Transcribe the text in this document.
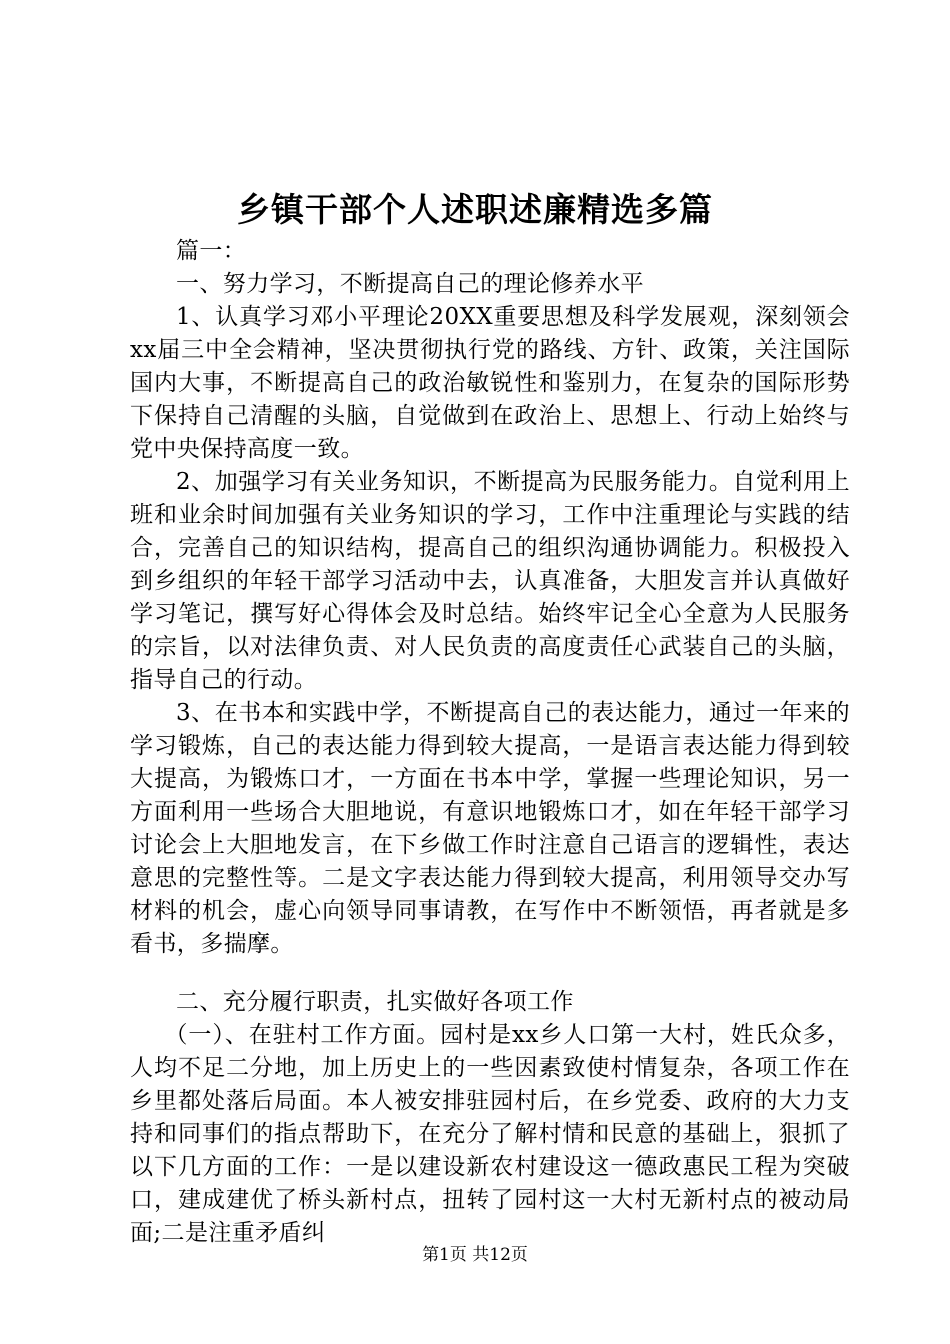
乡镇干部个人述职述廉精选多篇

篇一：

一、努力学习，不断提高自己的理论修养水平

1、认真学习邓小平理论20XX重要思想及科学发展观，深刻领会xx届三中全会精神，坚决贯彻执行党的路线、方针、政策，关注国际国内大事，不断提高自己的政治敏锐性和鉴别力，在复杂的国际形势下保持自己清醒的头脑，自觉做到在政治上、思想上、行动上始终与党中央保持高度一致。

2、加强学习有关业务知识，不断提高为民服务能力。自觉利用上班和业余时间加强有关业务知识的学习，工作中注重理论与实践的结合，完善自己的知识结构，提高自己的组织沟通协调能力。积极投入到乡组织的年轻干部学习活动中去，认真准备，大胆发言并认真做好学习笔记，撰写好心得体会及时总结。始终牢记全心全意为人民服务的宗旨，以对法律负责、对人民负责的高度责任心武装自己的头脑，指导自己的行动。

3、在书本和实践中学，不断提高自己的表达能力，通过一年来的学习锻炼，自己的表达能力得到较大提高，一是语言表达能力得到较大提高，为锻炼口才，一方面在书本中学，掌握一些理论知识，另一方面利用一些场合大胆地说，有意识地锻炼口才，如在年轻干部学习讨论会上大胆地发言，在下乡做工作时注意自己语言的逻辑性，表达意思的完整性等。二是文字表达能力得到较大提高，利用领导交办写材料的机会，虚心向领导同事请教，在写作中不断领悟，再者就是多看书，多揣摩。

二、充分履行职责，扎实做好各项工作

（一）、在驻村工作方面。园村是xx乡人口第一大村，姓氏众多，人均不足二分地，加上历史上的一些因素致使村情复杂，各项工作在乡里都处落后局面。本人被安排驻园村后，在乡党委、政府的大力支持和同事们的指点帮助下，在充分了解村情和民意的基础上，狠抓了以下几方面的工作：一是以建设新农村建设这一德政惠民工程为突破口，建成建优了桥头新村点，扭转了园村这一大村无新村点的被动局面;二是注重矛盾纠

第1页 共12页
